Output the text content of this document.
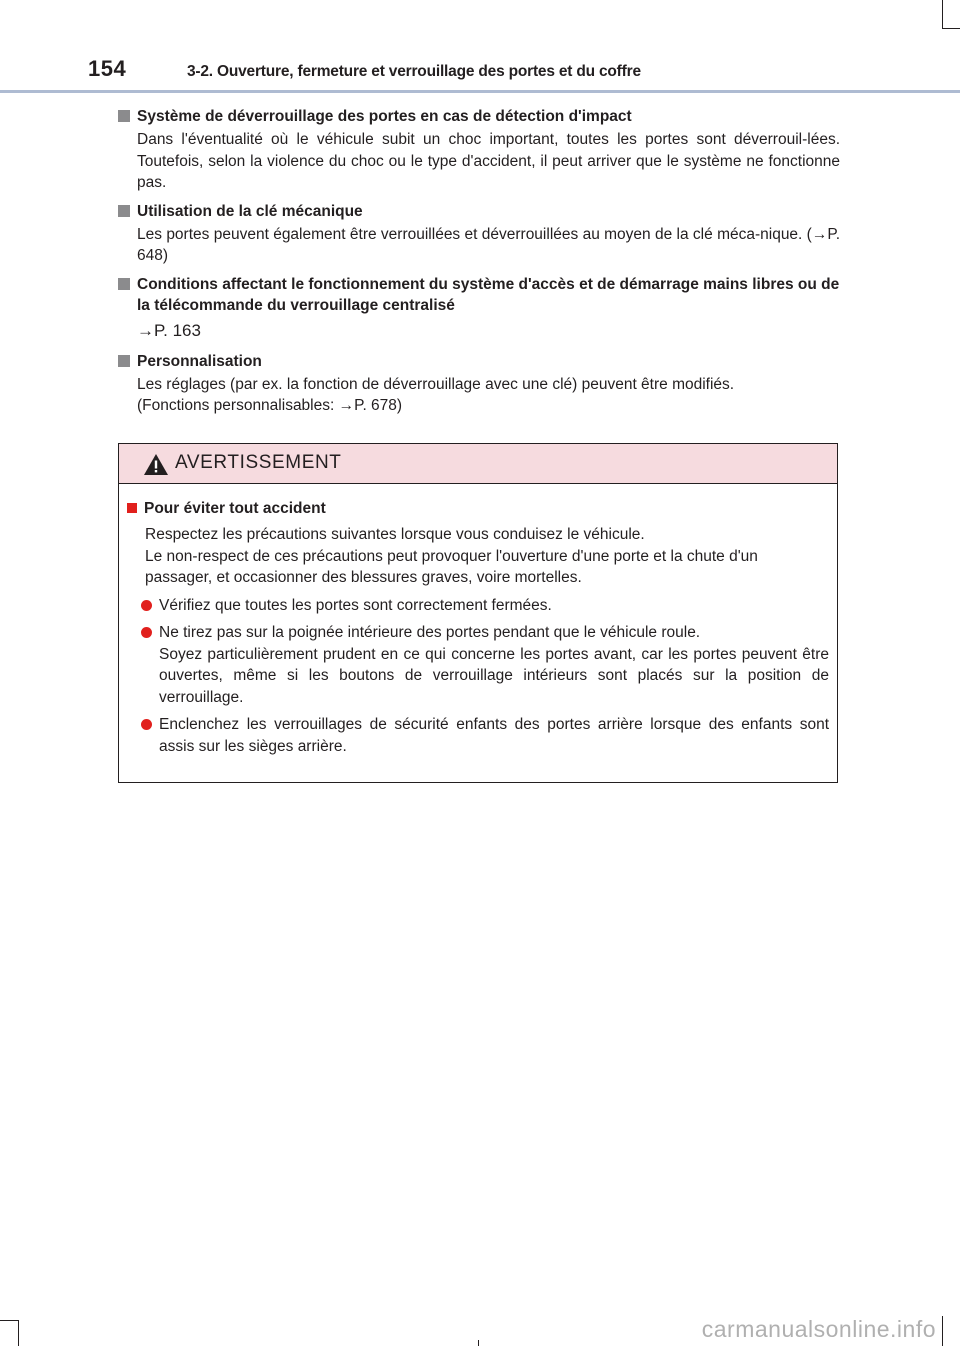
154	3-2. Ouverture, fermeture et verrouillage des portes et du coffre
Système de déverrouillage des portes en cas de détection d'impact

Dans l'éventualité où le véhicule subit un choc important, toutes les portes sont déverrouil-lées. Toutefois, selon la violence du choc ou le type d'accident, il peut arriver que le système ne fonctionne pas.

Utilisation de la clé mécanique

Les portes peuvent également être verrouillées et déverrouillées au moyen de la clé méca-nique. (→P. 648)

Conditions affectant le fonctionnement du système d'accès et de démarrage mains libres ou de la télécommande du verrouillage centralisé

→P. 163

Personnalisation

Les réglages (par ex. la fonction de déverrouillage avec une clé) peuvent être modifiés.

(Fonctions personnalisables: →P. 678)

AVERTISSEMENT
Pour éviter tout accident

Respectez les précautions suivantes lorsque vous conduisez le véhicule.

Le non-respect de ces précautions peut provoquer l'ouverture d'une porte et la chute d'un passager, et occasionner des blessures graves, voire mortelles.

Vérifiez que toutes les portes sont correctement fermées.

Ne tirez pas sur la poignée intérieure des portes pendant que le véhicule roule.

Soyez particulièrement prudent en ce qui concerne les portes avant, car les portes peuvent être ouvertes, même si les boutons de verrouillage intérieurs sont placés sur la position de verrouillage.

Enclenchez les verrouillages de sécurité enfants des portes arrière lorsque des enfants sont assis sur les sièges arrière.

carmanualsonline.info
